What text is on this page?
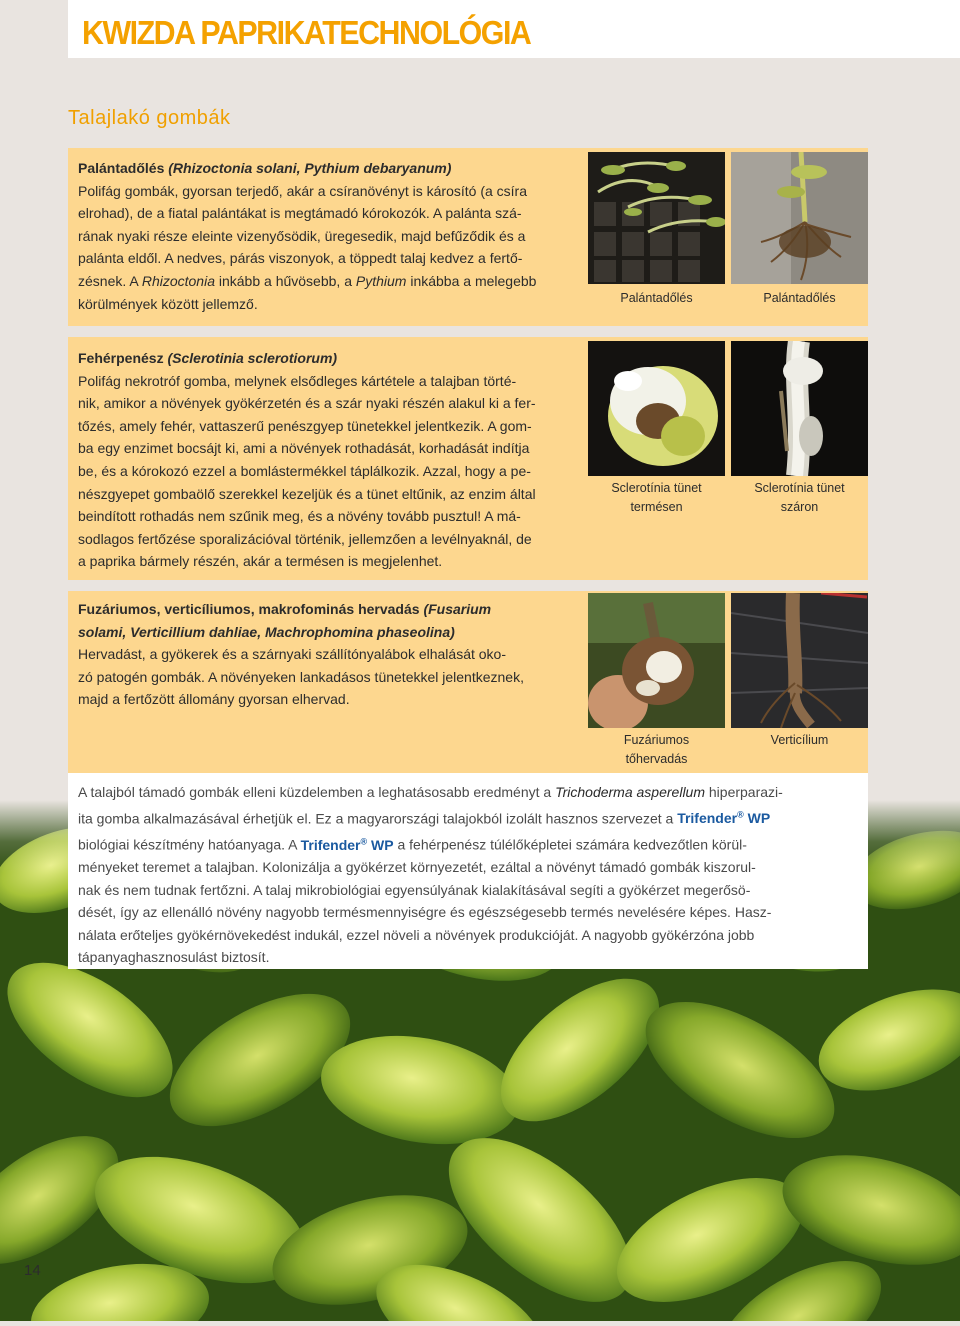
KWIZDA PAPRIKATECHNOLÓGIA
Talajlakó gombák
Palántadőlés (Rhizoctonia solani, Pythium debaryanum)
Polifág gombák, gyorsan terjedő, akár a csíranövényt is károsító (a csíra
elrohad), de a fiatal palántákat is megtámadó kórokozók. A palánta szá-
rának nyaki része eleinte vizenyősödik, üregesedik, majd befűződik és a
palánta eldől. A nedves, párás viszonyok, a töppedt talaj kedvez a fertő-
zésnek. A Rhizoctonia inkább a hűvösebb, a Pythium inkábba a melegebb
körülmények között jellemző.	Palántadőlés	Palántadőlés
Fehérpenész (Sclerotinia sclerotiorum)
Polifág nekrotróf gomba, melynek elsődleges kártétele a talajban törté-
nik, amikor a növények gyökérzetén és a szár nyaki részén alakul ki a fer-
tőzés, amely fehér, vattaszerű penészgyep tünetekkel jelentkezik. A gom-
ba egy enzimet bocsájt ki, ami a növények rothadását, korhadását indítja
be, és a kórokozó ezzel a bomlástermékkel táplálkozik. Azzal, hogy a pe-
nészgyepet gombaölő szerekkel kezeljük és a tünet eltűnik, az enzim által
beindított rothadás nem szűnik meg, és a növény tovább pusztul! A má-
sodlagos fertőzése sporalizációval történik, jellemzően a levélnyaknál, de
a paprika bármely részén, akár a termésen is megjelenhet.
Sclerotínia tünet
termésen
Sclerotínia tünet
száron
Fuzáriumos, verticíliumos, makrofominás hervadás (Fusarium
solami, Verticillium dahliae, Machrophomina phaseolina)
Hervadást, a gyökerek és a szárnyaki szállítónyalábok elhalását oko-
zó patogén gombák. A növényeken lankadásos tünetekkel jelentkeznek,
majd a fertőzött állomány gyorsan elhervad.
Fuzáriumos
tőhervadás
Verticílium
A talajból támadó gombák elleni küzdelemben a leghatásosabb eredményt a Trichoderma asperellum hiperparazi-
ita gomba alkalmazásával érhetjük el. Ez a magyarországi talajokból izolált hasznos szervezet a Trifender® WP
biológiai készítmény hatóanyaga. A Trifender® WP a fehérpenész túlélőképletei számára kedvezőtlen körül-
ményeket teremet a talajban. Kolonizálja a gyökérzet környezetét, ezáltal a növényt támadó gombák kiszorul-
nak és nem tudnak fertőzni. A talaj mikrobiológiai egyensúlyának kialakításával segíti a gyökérzet megerősö-
dését, így az ellenálló növény nagyobb termésmennyiségre és egészségesebb termés nevelésére képes. Hasz-
nálata erőteljes gyökérnövekedést indukál, ezzel növeli a növények produkcióját. A nagyobb gyökérzóna jobb
tápanyaghasznosulást biztosít.
14
